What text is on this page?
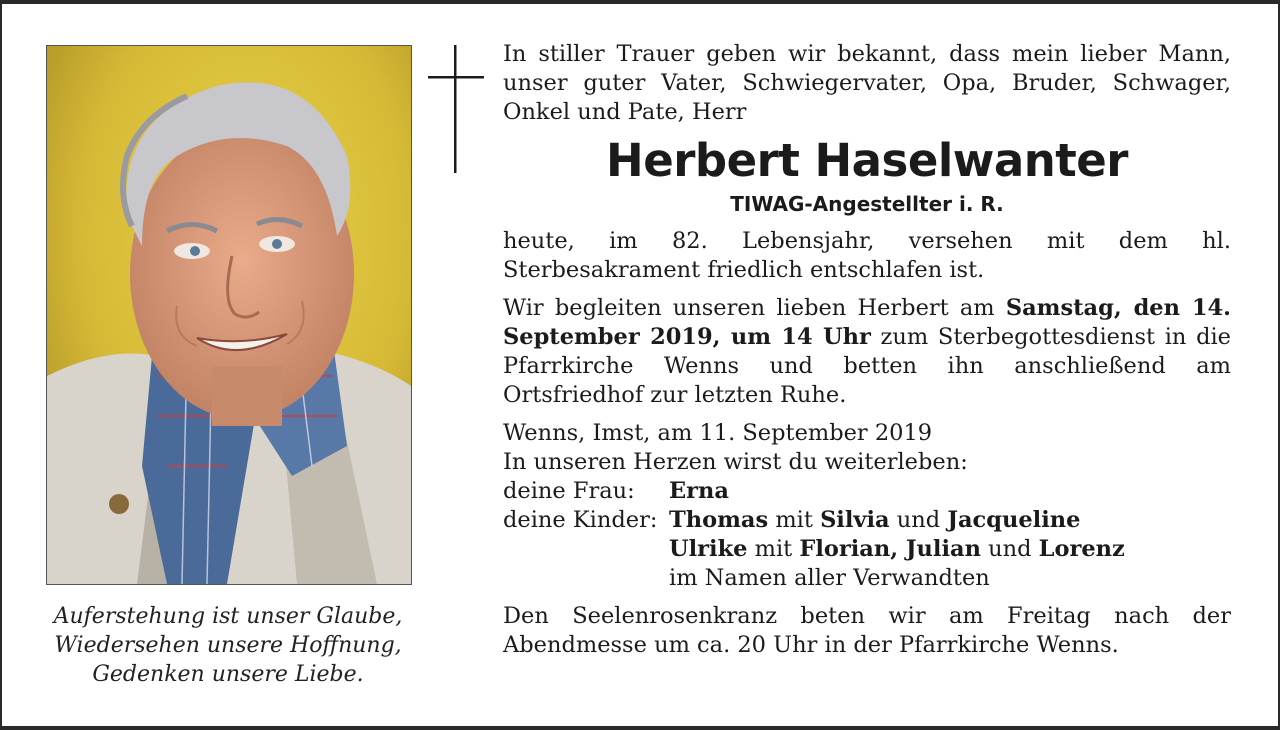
Auferstehung ist unser Glaube,
Wiedersehen unsere Hoffnung,
Gedenken unsere Liebe.

In stiller Trauer geben wir bekannt, dass mein lieber Mann, unser guter Vater, Schwiegervater, Opa, Bruder, Schwager, Onkel und Pate, Herr

Herbert Haselwanter
TIWAG-Angestellter i. R.

heute, im 82. Lebensjahr, versehen mit dem hl. Sterbesakrament friedlich entschlafen ist.

Wir begleiten unseren lieben Herbert am Samstag, den 14. September 2019, um 14 Uhr zum Sterbegottesdienst in die Pfarrkirche Wenns und betten ihn anschließend am Ortsfriedhof zur letzten Ruhe.

Wenns, Imst, am 11. September 2019

In unseren Herzen wirst du weiterleben:

deine Frau:	Erna
deine Kinder:	Thomas mit Silvia und Jacqueline
	Ulrike mit Florian, Julian und Lorenz
	im Namen aller Verwandten

Den Seelenrosenkranz beten wir am Freitag nach der Abendmesse um ca. 20 Uhr in der Pfarrkirche Wenns.
